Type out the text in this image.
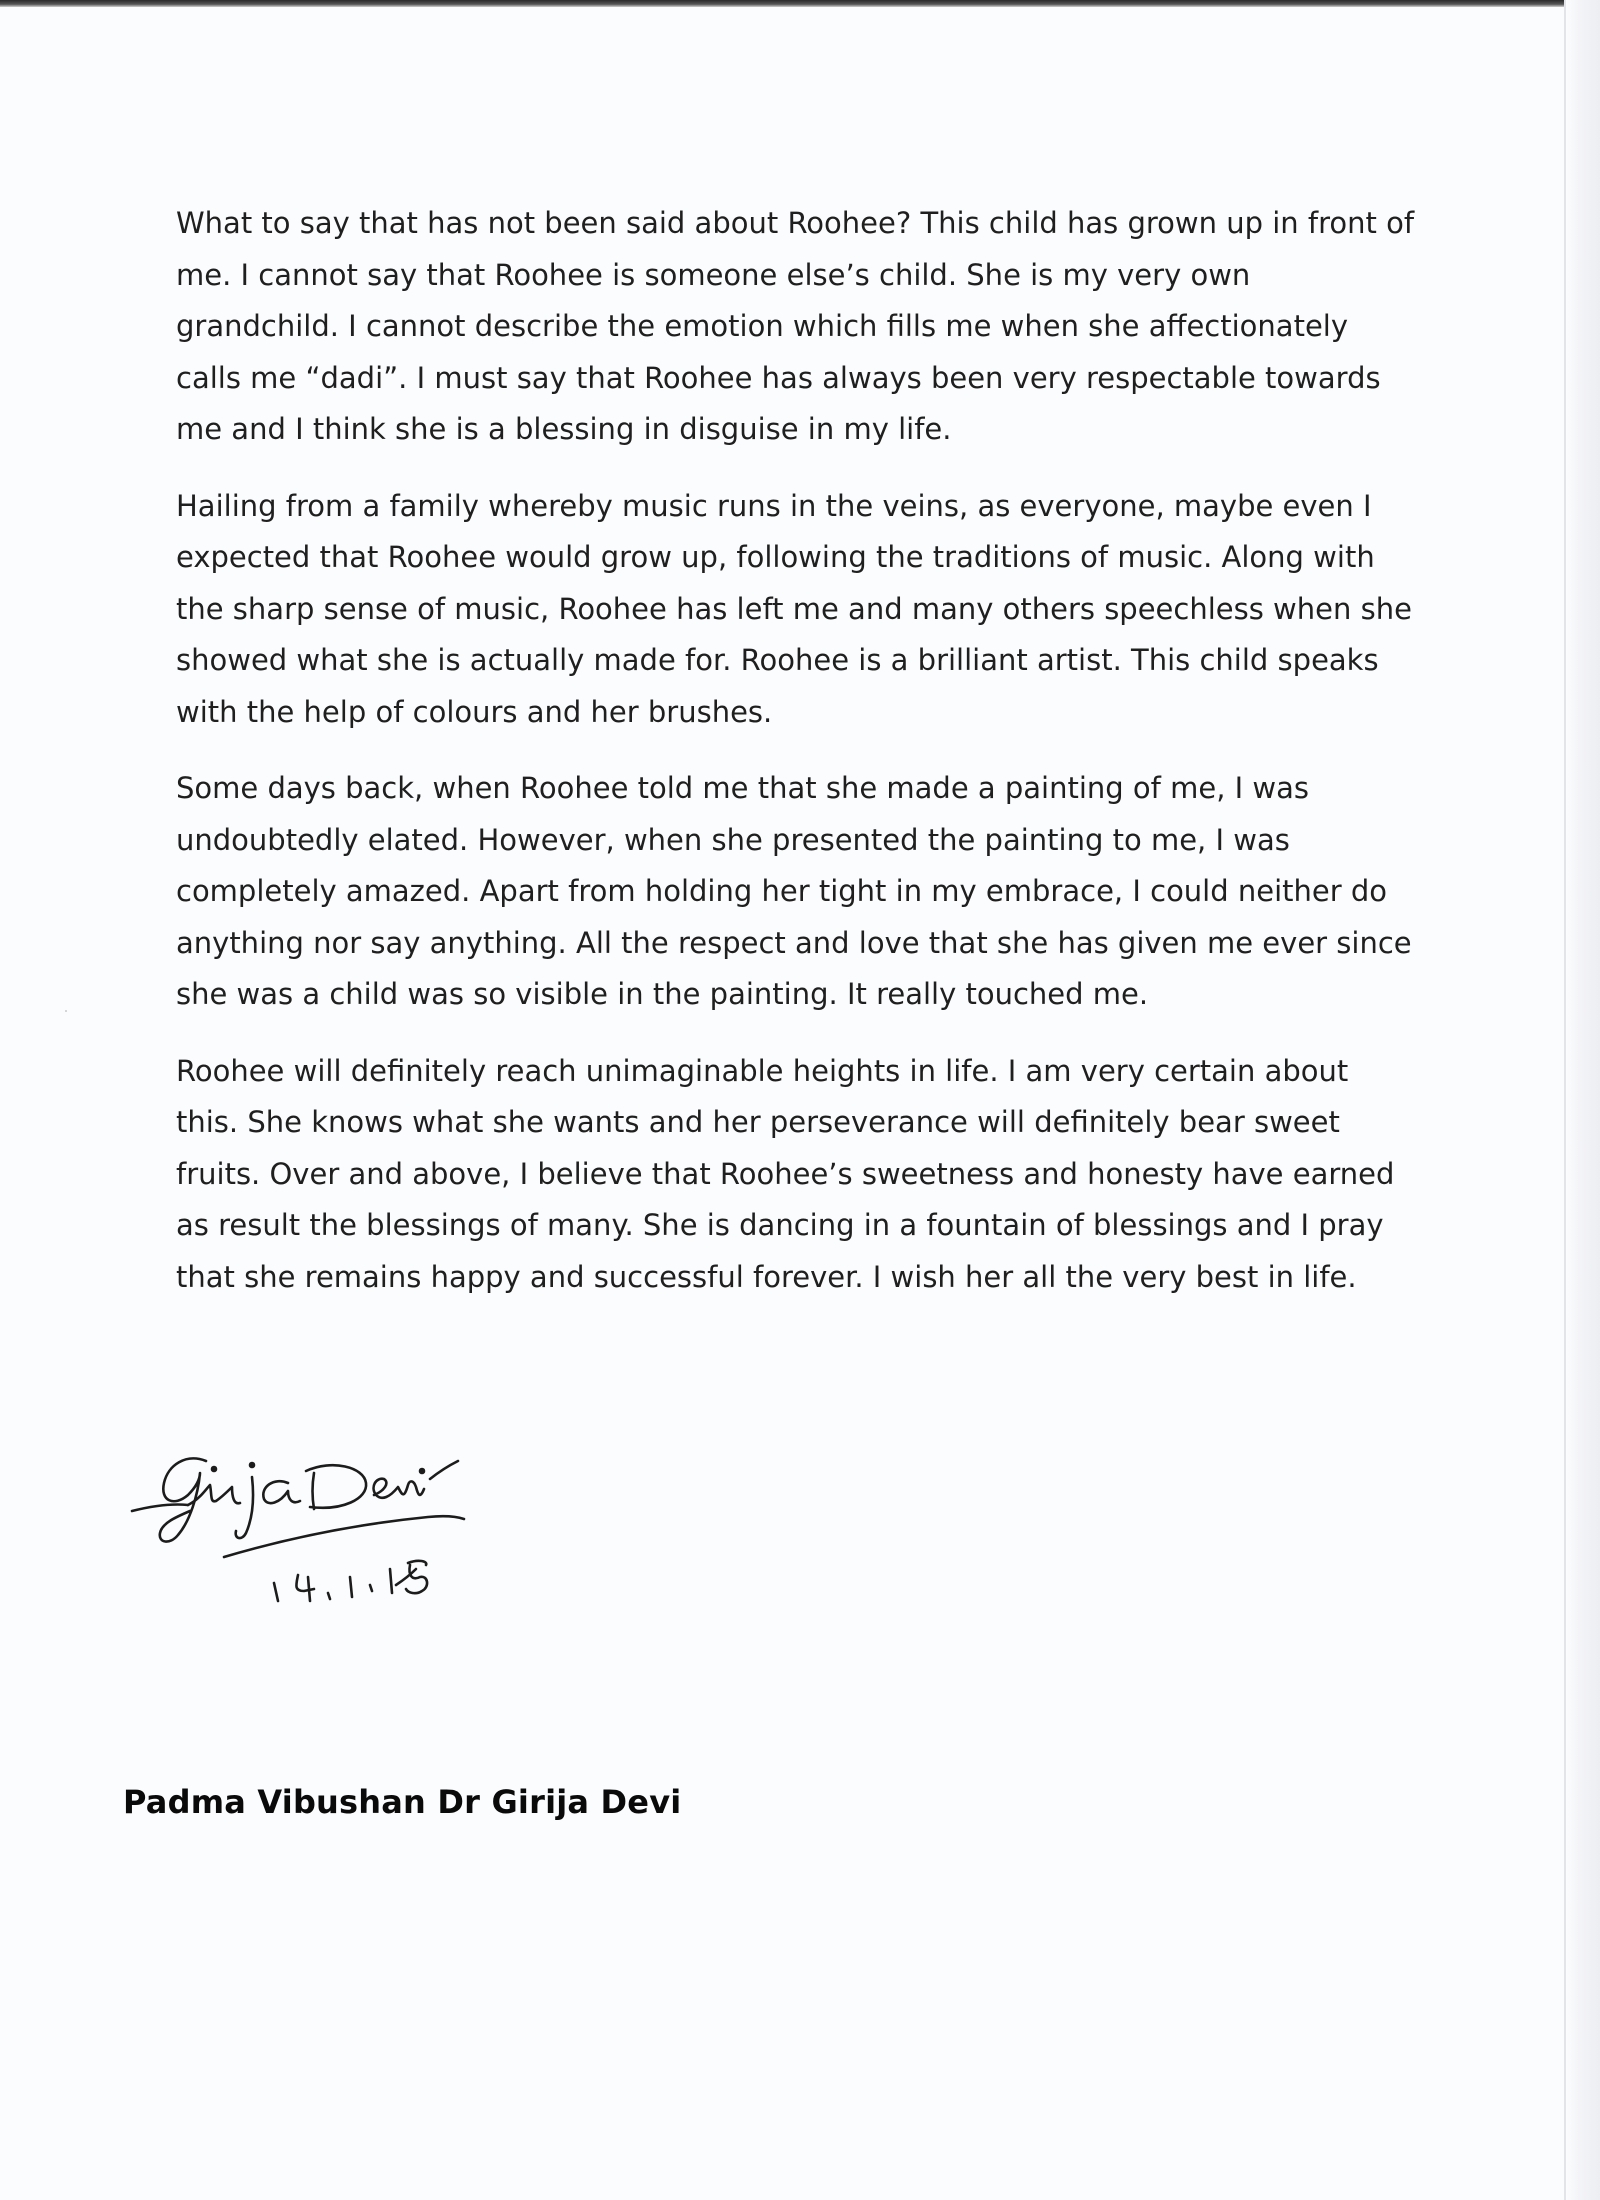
What to say that has not been said about Roohee? This child has grown up in front of me. I cannot say that Roohee is someone else’s child. She is my very own grandchild. I cannot describe the emotion which fills me when she affectionately calls me “dadi”. I must say that Roohee has always been very respectable towards me and I think she is a blessing in disguise in my life.

Hailing from a family whereby music runs in the veins, as everyone, maybe even I expected that Roohee would grow up, following the traditions of music. Along with the sharp sense of music, Roohee has left me and many others speechless when she showed what she is actually made for. Roohee is a brilliant artist. This child speaks with the help of colours and her brushes.

Some days back, when Roohee told me that she made a painting of me, I was undoubtedly elated. However, when she presented the painting to me, I was completely amazed. Apart from holding her tight in my embrace, I could neither do anything nor say anything. All the respect and love that she has given me ever since she was a child was so visible in the painting. It really touched me.

Roohee will definitely reach unimaginable heights in life. I am very certain about this. She knows what she wants and her perseverance will definitely bear sweet fruits. Over and above, I believe that Roohee’s sweetness and honesty have earned as result the blessings of many. She is dancing in a fountain of blessings and I pray that she remains happy and successful forever. I wish her all the very best in life.

Padma Vibushan Dr Girija Devi
